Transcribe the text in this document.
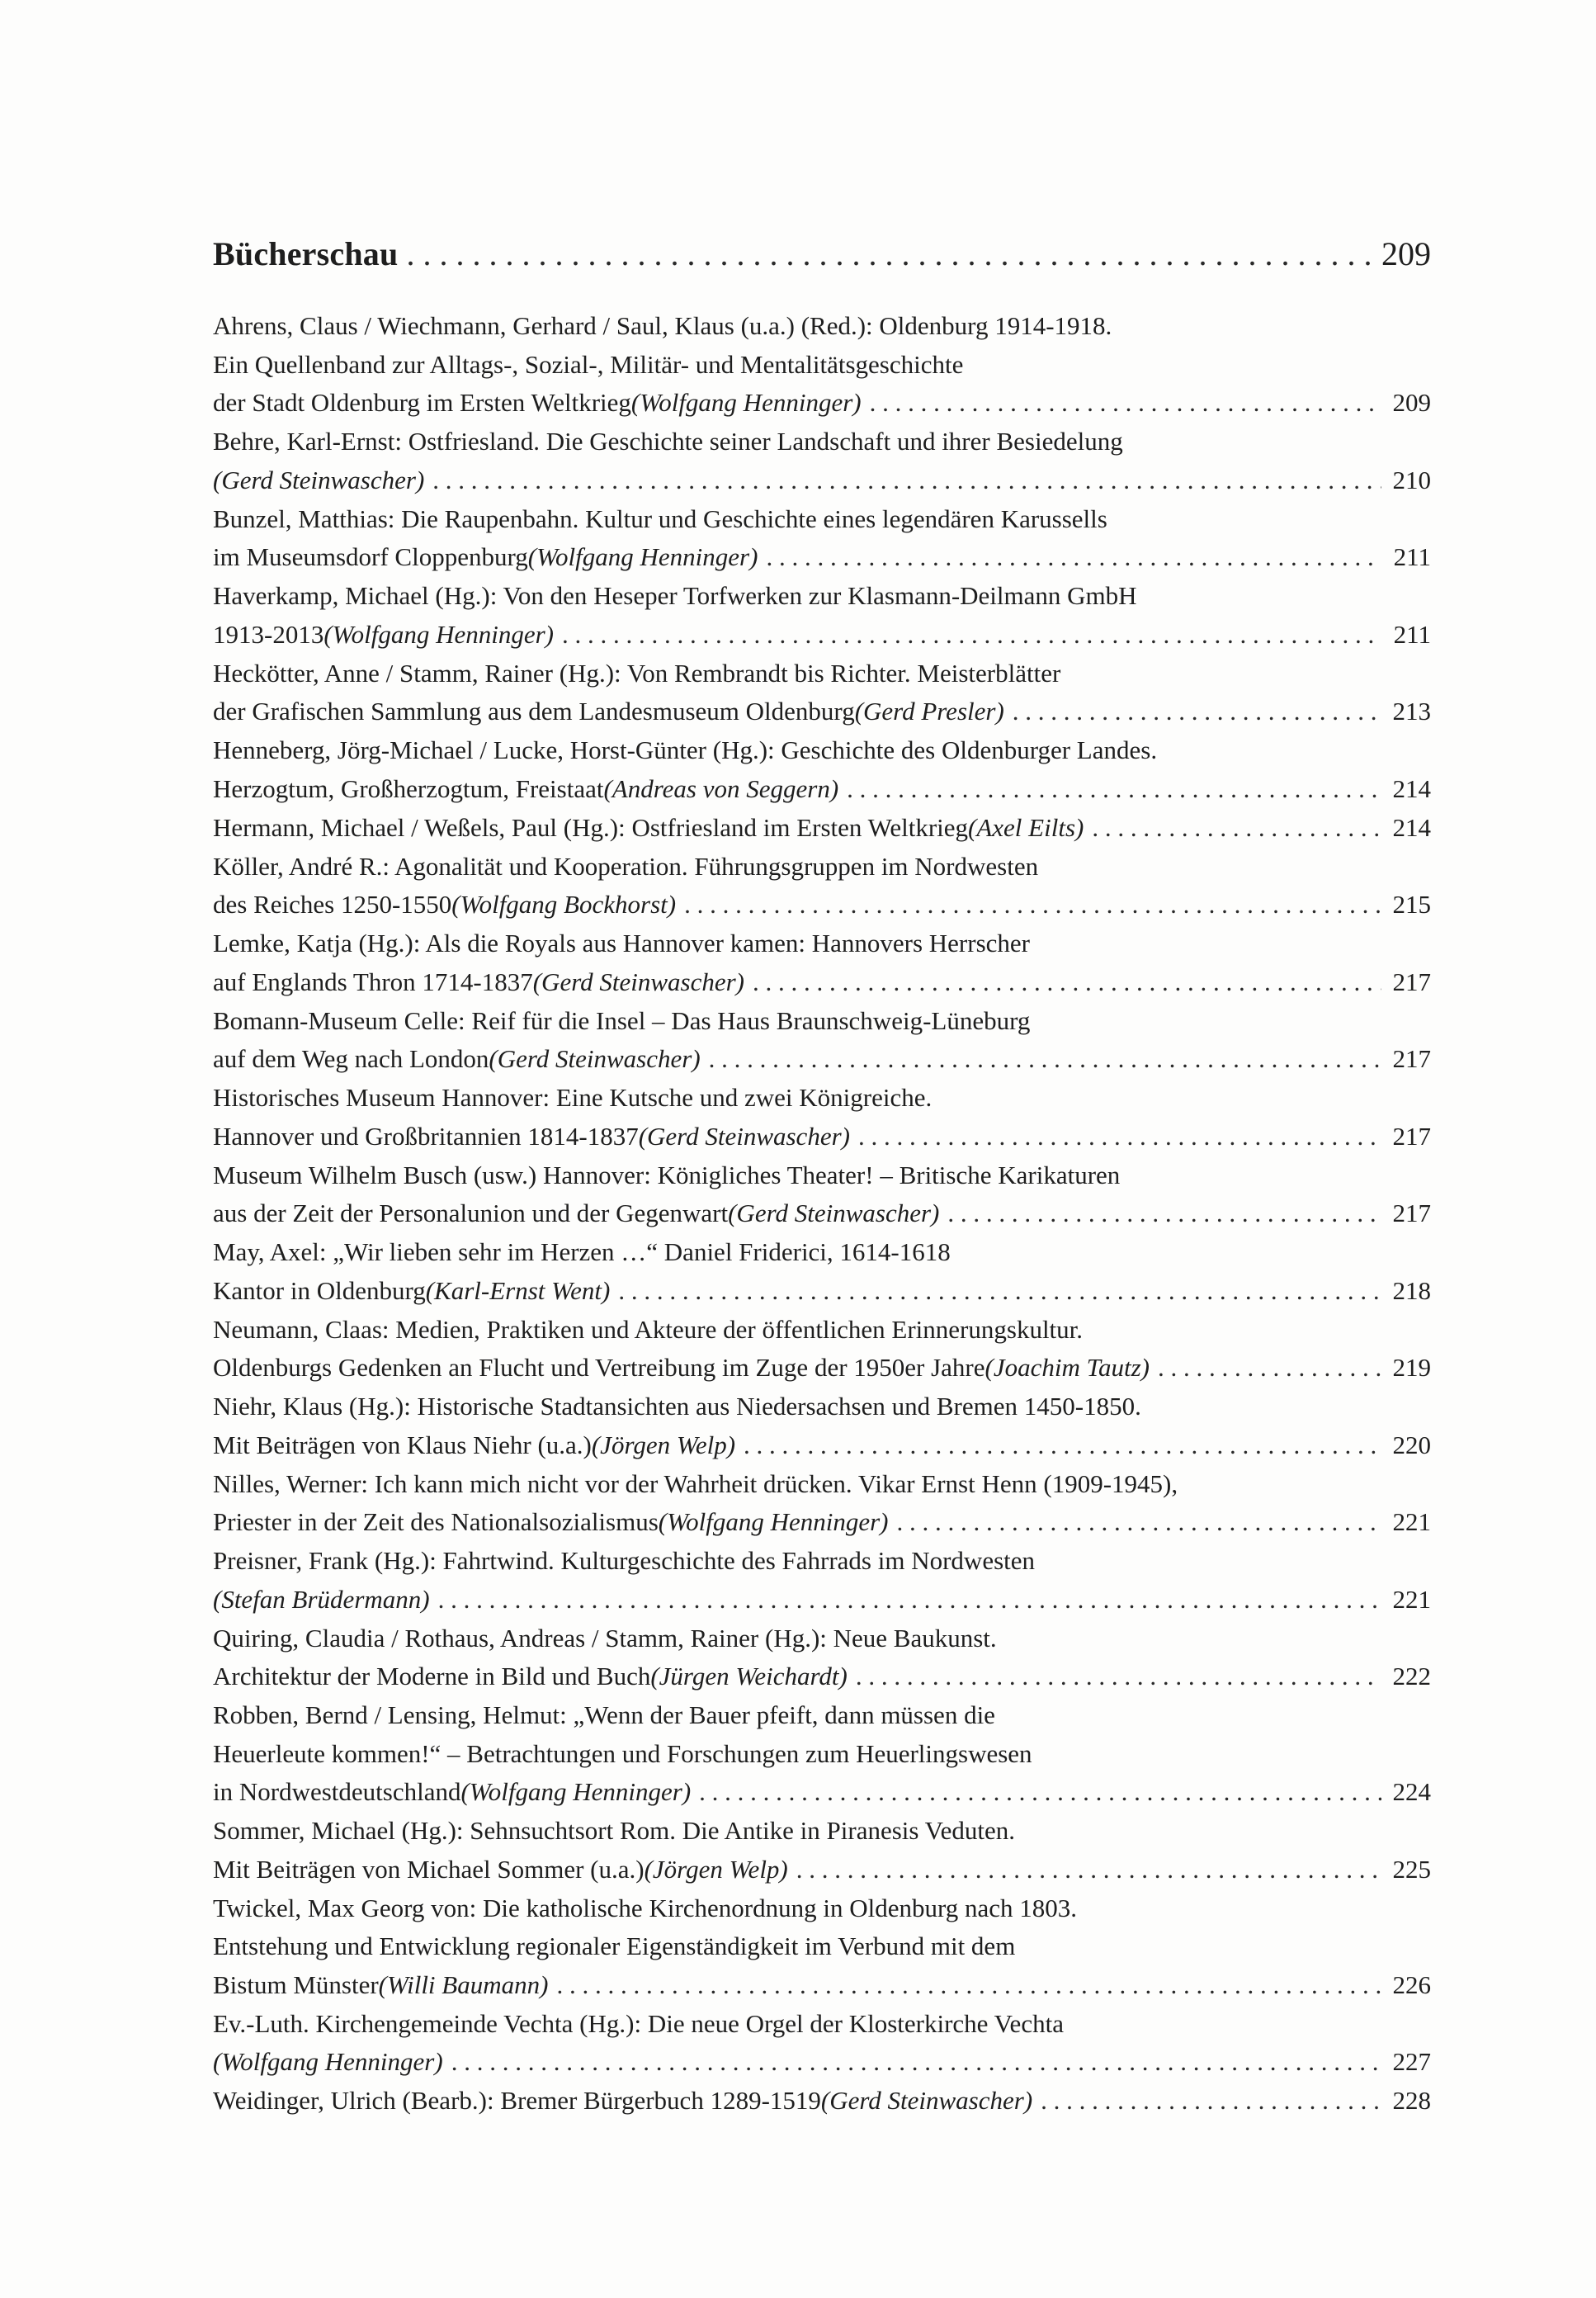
Bücherschau . . .	209
Ahrens, Claus / Wiechmann, Gerhard / Saul, Klaus (u.a.) (Red.): Oldenburg 1914-1918.
Ein Quellenband zur Alltags-, Sozial-, Militär- und Mentalitätsgeschichte
der Stadt Oldenburg im Ersten Weltkrieg (Wolfgang Henninger) . . .	209
Behre, Karl-Ernst: Ostfriesland. Die Geschichte seiner Landschaft und ihrer Besiedelung
(Gerd Steinwascher) . . .	210
Bunzel, Matthias: Die Raupenbahn. Kultur und Geschichte eines legendären Karussells
im Museumsdorf Cloppenburg (Wolfgang Henninger) . . .	211
Haverkamp, Michael (Hg.): Von den Heseper Torfwerken zur Klasmann-Deilmann GmbH
1913-2013 (Wolfgang Henninger) . . .	211
Heckötter, Anne / Stamm, Rainer (Hg.): Von Rembrandt bis Richter. Meisterblätter
der Grafischen Sammlung aus dem Landesmuseum Oldenburg (Gerd Presler) . . .	213
Henneberg, Jörg-Michael / Lucke, Horst-Günter (Hg.): Geschichte des Oldenburger Landes.
Herzogtum, Großherzogtum, Freistaat (Andreas von Seggern) . . .	214
Hermann, Michael / Weßels, Paul (Hg.): Ostfriesland im Ersten Weltkrieg (Axel Eilts) . . .	214
Köller, André R.: Agonalität und Kooperation. Führungsgruppen im Nordwesten
des Reiches 1250-1550 (Wolfgang Bockhorst) . . .	215
Lemke, Katja (Hg.): Als die Royals aus Hannover kamen: Hannovers Herrscher
auf Englands Thron 1714-1837 (Gerd Steinwascher) . . .	217
Bomann-Museum Celle: Reif für die Insel – Das Haus Braunschweig-Lüneburg
auf dem Weg nach London (Gerd Steinwascher) . . .	217
Historisches Museum Hannover: Eine Kutsche und zwei Königreiche.
Hannover und Großbritannien 1814-1837 (Gerd Steinwascher) . . .	217
Museum Wilhelm Busch (usw.) Hannover: Königliches Theater! – Britische Karikaturen
aus der Zeit der Personalunion und der Gegenwart (Gerd Steinwascher) . . .	217
May, Axel: „Wir lieben sehr im Herzen …“ Daniel Friderici, 1614-1618
Kantor in Oldenburg (Karl-Ernst Went) . . .	218
Neumann, Claas: Medien, Praktiken und Akteure der öffentlichen Erinnerungskultur.
Oldenburgs Gedenken an Flucht und Vertreibung im Zuge der 1950er Jahre (Joachim Tautz) . . .	219
Niehr, Klaus (Hg.): Historische Stadtansichten aus Niedersachsen und Bremen 1450-1850.
Mit Beiträgen von Klaus Niehr (u.a.) (Jörgen Welp) . . .	220
Nilles, Werner: Ich kann mich nicht vor der Wahrheit drücken. Vikar Ernst Henn (1909-1945),
Priester in der Zeit des Nationalsozialismus (Wolfgang Henninger) . . .	221
Preisner, Frank (Hg.): Fahrtwind. Kulturgeschichte des Fahrrads im Nordwesten
(Stefan Brüdermann) . . .	221
Quiring, Claudia / Rothaus, Andreas / Stamm, Rainer (Hg.): Neue Baukunst.
Architektur der Moderne in Bild und Buch (Jürgen Weichardt) . . .	222
Robben, Bernd / Lensing, Helmut: „Wenn der Bauer pfeift, dann müssen die
Heuerleute kommen!“ – Betrachtungen und Forschungen zum Heuerlingswesen
in Nordwestdeutschland (Wolfgang Henninger) . . .	224
Sommer, Michael (Hg.): Sehnsuchtsort Rom. Die Antike in Piranesis Veduten.
Mit Beiträgen von Michael Sommer (u.a.) (Jörgen Welp) . . .	225
Twickel, Max Georg von: Die katholische Kirchenordnung in Oldenburg nach 1803.
Entstehung und Entwicklung regionaler Eigenständigkeit im Verbund mit dem
Bistum Münster (Willi Baumann) . . .	226
Ev.-Luth. Kirchengemeinde Vechta (Hg.): Die neue Orgel der Klosterkirche Vechta
(Wolfgang Henninger) . . .	227
Weidinger, Ulrich (Bearb.): Bremer Bürgerbuch 1289-1519 (Gerd Steinwascher) . . .	228
